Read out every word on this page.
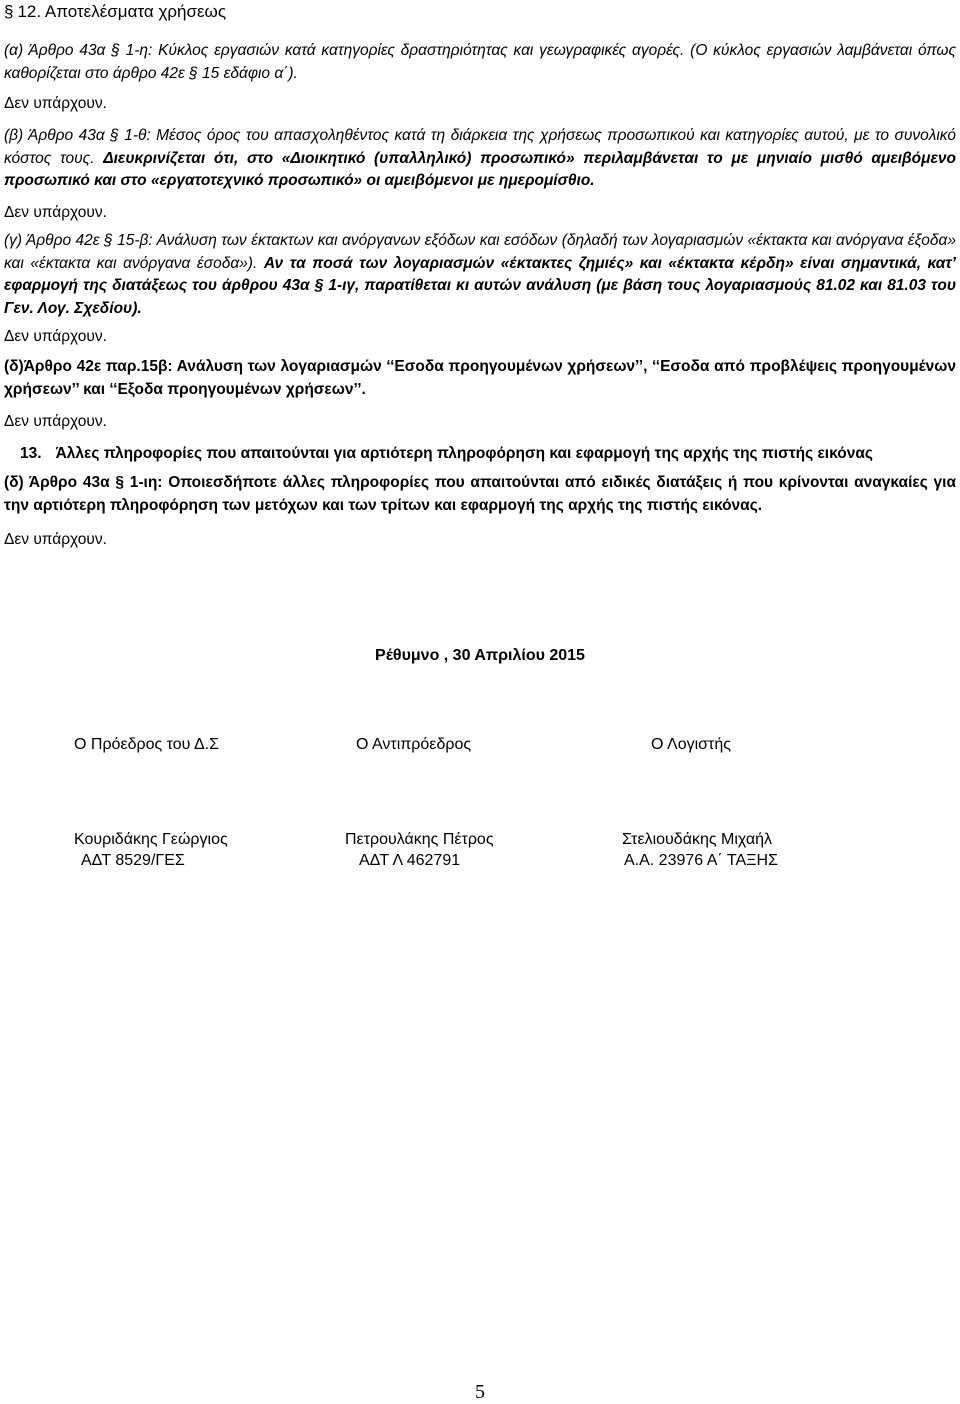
§ 12. Αποτελέσματα χρήσεως

(α) Άρθρο 43α § 1-η: Κύκλος εργασιών κατά κατηγορίες δραστηριότητας και γεωγραφικές αγορές. (Ο κύκλος εργασιών λαμβάνεται όπως καθορίζεται στο άρθρο 42ε § 15 εδάφιο α΄).

Δεν υπάρχουν.

(β) Άρθρο 43α § 1-θ: Μέσος όρος του απασχοληθέντος κατά τη διάρκεια της χρήσεως προσωπικού και κατηγορίες αυτού, με το συνολικό κόστος τους. Διευκρινίζεται ότι, στο «Διοικητικό (υπαλληλικό) προσωπικό» περιλαμβάνεται το με μηνιαίο μισθό αμειβόμενο προσωπικό και στο «εργατοτεχνικό προσωπικό» οι αμειβόμενοι με ημερομίσθιο.

Δεν υπάρχουν.

(γ) Άρθρο 42ε § 15-β: Ανάλυση των έκτακτων και ανόργανων εξόδων και εσόδων (δηλαδή των λογαριασμών «έκτακτα και ανόργανα έξοδα» και «έκτακτα και ανόργανα έσοδα»). Αν τα ποσά των λογαριασμών «έκτακτες ζημιές» και «έκτακτα κέρδη» είναι σημαντικά, κατ’ εφαρμογή της διατάξεως του άρθρου 43α § 1-ιγ, παρατίθεται κι αυτών ανάλυση (με βάση τους λογαριασμούς 81.02 και 81.03 του Γεν. Λογ. Σχεδίου).

Δεν υπάρχουν.

(δ)Άρθρο 42ε παρ.15β: Ανάλυση των λογαριασμών ‘‘Εσοδα προηγουμένων χρήσεων’’, ‘‘Εσοδα από προβλέψεις προηγουμένων χρήσεων’’ και ‘‘Εξοδα προηγουμένων χρήσεων’’.

Δεν υπάρχουν.
13. Άλλες πληροφορίες που απαιτούνται για αρτιότερη πληροφόρηση και εφαρμογή της αρχής της πιστής εικόνας

(δ) Άρθρο 43α § 1-ιη: Οποιεσδήποτε άλλες πληροφορίες που απαιτούνται από ειδικές διατάξεις ή που κρίνονται αναγκαίες για την αρτιότερη πληροφόρηση των μετόχων και των τρίτων και εφαρμογή της αρχής της πιστής εικόνας.

Δεν υπάρχουν.
Ρέθυμνο , 30 Απριλίου 2015
Ο Πρόεδρος του Δ.Σ	Ο Αντιπρόεδρος	Ο Λογιστής
Κουριδάκης Γεώργιος	Πετρουλάκης Πέτρος	Στελιουδάκης Μιχαήλ
ΑΔΤ 8529/ΓΕΣ	ΑΔΤ Λ 462791	Α.Α. 23976 Α΄ ΤΑΞΗΣ
5
